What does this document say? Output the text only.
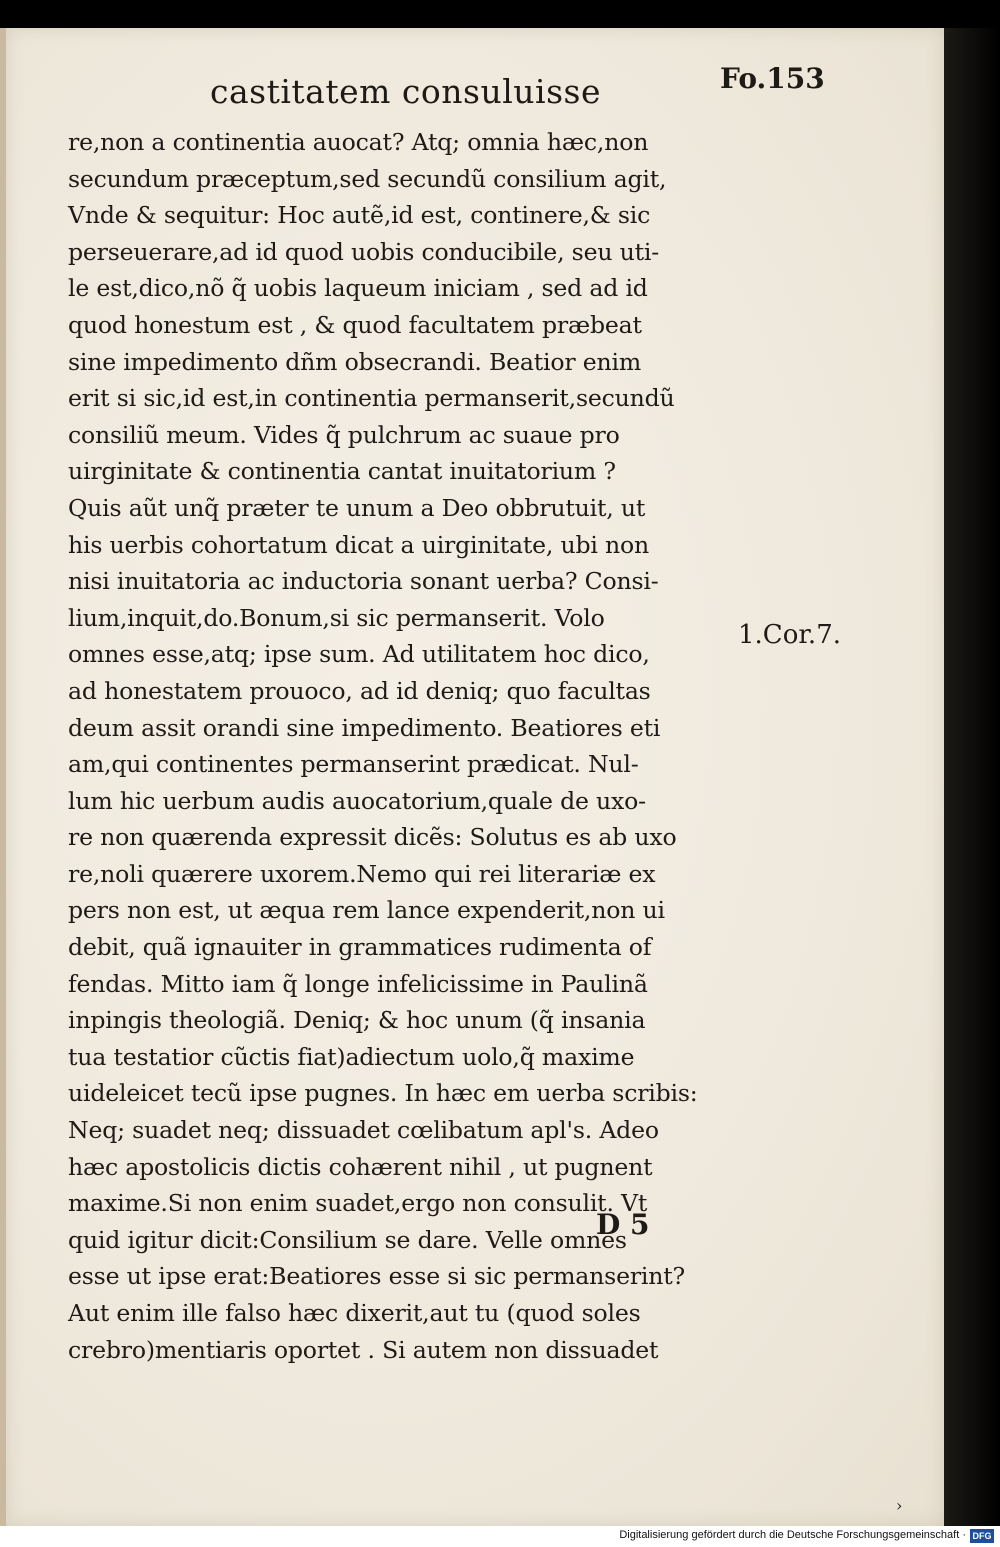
castitatem consuluisse	Fo.153
re,non a continentia auocat? Atq; omnia hæc,non
secundum præceptum,sed secundũ consilium agit,
Vnde & sequitur: Hoc autẽ,id est, continere,& sic
perseuerare,ad id quod uobis conducibile, seu uti-
le est,dico,nõ q̃ uobis laqueum iniciam , sed ad id
quod honestum est , & quod facultatem præbeat
sine impedimento dñm obsecrandi. Beatior enim
erit si sic,id est,in continentia permanserit,secundũ
consiliũ meum. Vides q̃ pulchrum ac suaue pro
uirginitate & continentia cantat inuitatorium ?
Quis aũt unq̃ præter te unum a Deo obbrutuit, ut
his uerbis cohortatum dicat a uirginitate, ubi non
nisi inuitatoria ac inductoria sonant uerba? Consi-
lium,inquit,do.Bonum,si sic permanserit. Volo
omnes esse,atq; ipse sum. Ad utilitatem hoc dico,
ad honestatem prouoco, ad id deniq; quo facultas
deum assit orandi sine impedimento. Beatiores eti
am,qui continentes permanserint prædicat. Nul-
lum hic uerbum audis auocatorium,quale de uxo-
re non quærenda expressit dicẽs: Solutus es ab uxo
re,noli quærere uxorem.Nemo qui rei literariæ ex
pers non est, ut æqua rem lance expenderit,non ui
debit, quã ignauiter in grammatices rudimenta of
fendas. Mitto iam q̃ longe infelicissime in Paulinã
inpingis theologiã. Deniq; & hoc unum (q̃ insania
tua testatior cũctis fiat)adiectum uolo,q̃ maxime
uideleicet tecũ ipse pugnes. In hæc em uerba scribis:
Neq; suadet neq; dissuadet cœlibatum apl's. Adeo
hæc apostolicis dictis cohærent nihil , ut pugnent
maxime.Si non enim suadet,ergo non consulit. Vt
quid igitur dicit:Consilium se dare. Velle omnes
esse ut ipse erat:Beatiores esse si sic permanserint?
Aut enim ille falso hæc dixerit,aut tu (quod soles
crebro)mentiaris oportet . Si autem non dissuadet
1.Cor.7.
D 5
›
Digitalisierung gefördert durch die Deutsche Forschungsgemeinschaft · DFG
